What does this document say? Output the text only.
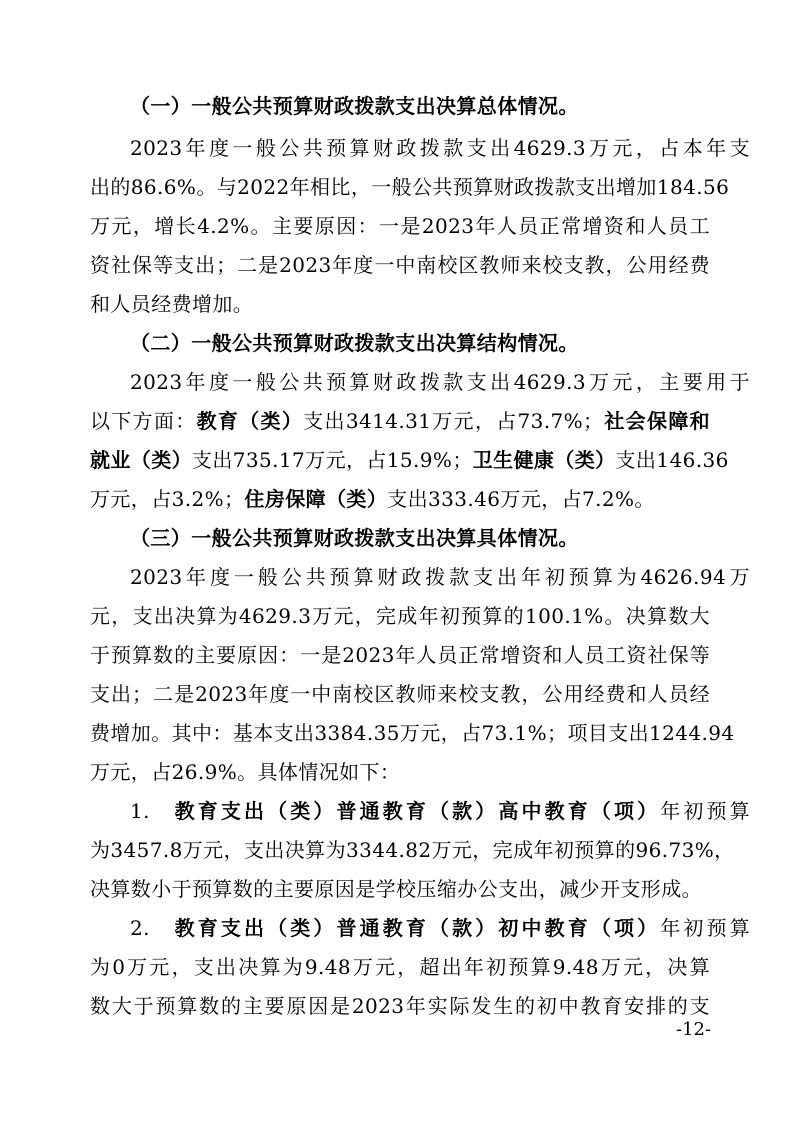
（一）一般公共预算财政拨款支出决算总体情况。
2023年度一般公共预算财政拨款支出4629.3万元，占本年支
出的86.6%。与2022年相比，一般公共预算财政拨款支出增加184.56
万元，增长4.2%。主要原因：一是2023年人员正常增资和人员工
资社保等支出；二是2023年度一中南校区教师来校支教，公用经费
和人员经费增加。
（二）一般公共预算财政拨款支出决算结构情况。
2023年度一般公共预算财政拨款支出4629.3万元，主要用于
以下方面：教育（类）支出3414.31万元，占73.7%；社会保障和
就业（类）支出735.17万元，占15.9%；卫生健康（类）支出146.36
万元，占3.2%；住房保障（类）支出333.46万元，占7.2%。
（三）一般公共预算财政拨款支出决算具体情况。
2023年度一般公共预算财政拨款支出年初预算为4626.94万
元，支出决算为4629.3万元，完成年初预算的100.1%。决算数大
于预算数的主要原因：一是2023年人员正常增资和人员工资社保等
支出；二是2023年度一中南校区教师来校支教，公用经费和人员经
费增加。其中：基本支出3384.35万元，占73.1%；项目支出1244.94
万元，占26.9%。具体情况如下：
1. 教育支出（类）普通教育（款）高中教育（项）年初预算
为3457.8万元，支出决算为3344.82万元，完成年初预算的96.73%，
决算数小于预算数的主要原因是学校压缩办公支出，减少开支形成。
2. 教育支出（类）普通教育（款）初中教育（项）年初预算
为0万元，支出决算为9.48万元，超出年初预算9.48万元，决算
数大于预算数的主要原因是2023年实际发生的初中教育安排的支
-12-
